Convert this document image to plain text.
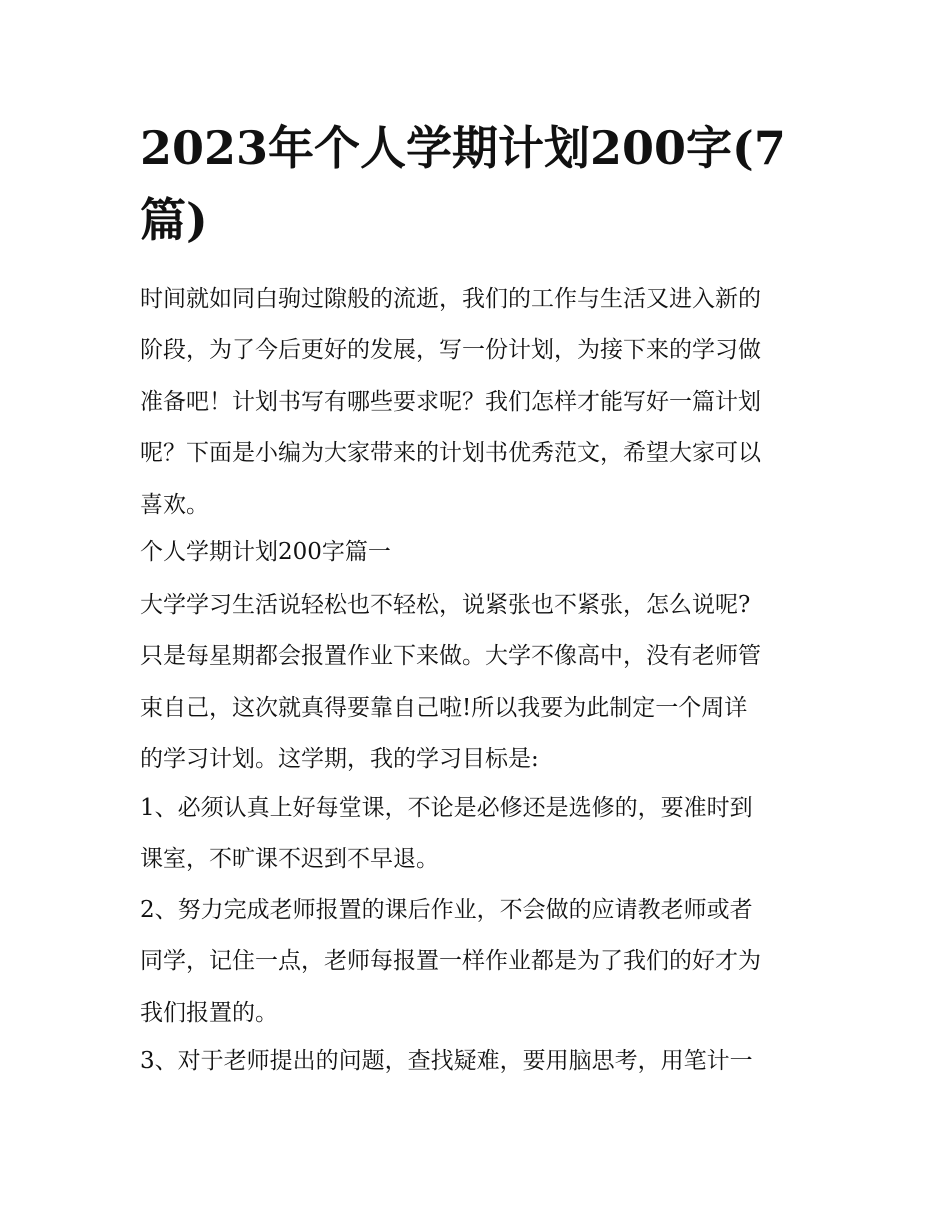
2023年个人学期计划200字(7
篇)
时间就如同白驹过隙般的流逝，我们的工作与生活又进入新的
阶段，为了今后更好的发展，写一份计划，为接下来的学习做
准备吧！计划书写有哪些要求呢？我们怎样才能写好一篇计划
呢？下面是小编为大家带来的计划书优秀范文，希望大家可以
喜欢。
个人学期计划200字篇一
大学学习生活说轻松也不轻松，说紧张也不紧张，怎么说呢?
只是每星期都会报置作业下来做。大学不像高中，没有老师管
束自己，这次就真得要靠自己啦!所以我要为此制定一个周详
的学习计划。这学期，我的学习目标是:
1、必须认真上好每堂课，不论是必修还是选修的，要准时到
课室，不旷课不迟到不早退。
2、努力完成老师报置的课后作业，不会做的应请教老师或者
同学，记住一点，老师每报置一样作业都是为了我们的好才为
我们报置的。
3、对于老师提出的问题，查找疑难，要用脑思考，用笔计一
